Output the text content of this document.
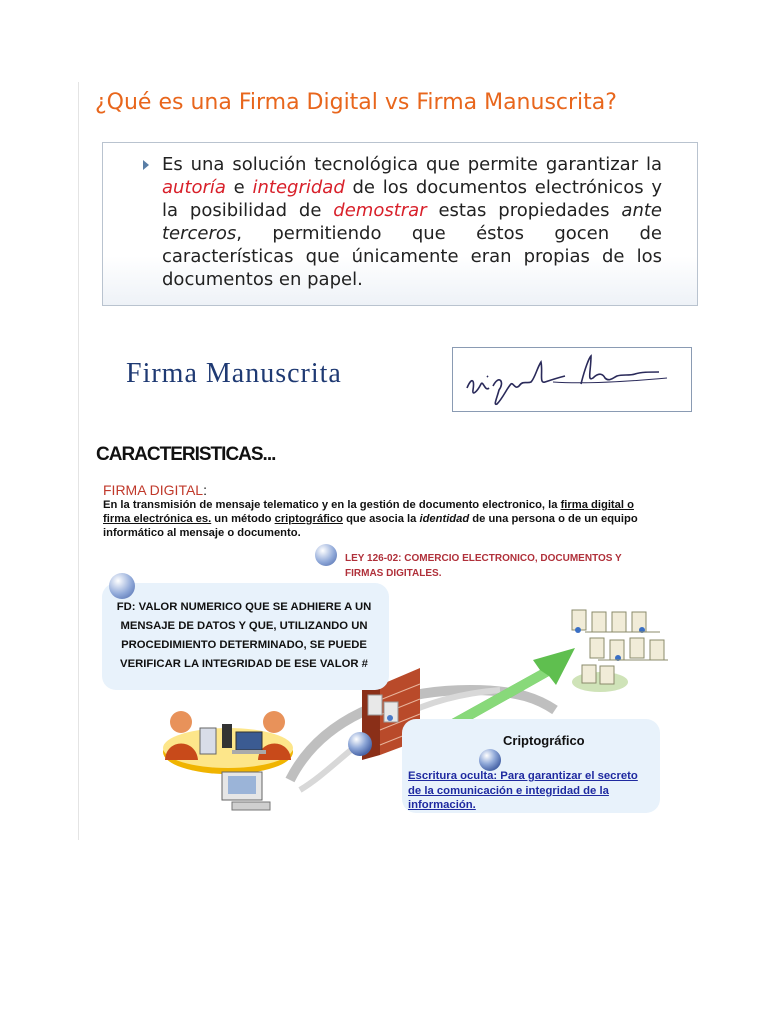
¿Qué es una Firma Digital vs Firma Manuscrita?
Es una solución tecnológica que permite garantizar la autoría e integridad de los documentos electrónicos y la posibilidad de demostrar estas propiedades ante terceros, permitiendo que éstos gocen de características que únicamente eran propias de los documentos en papel.
Firma Manuscrita
CARACTERISTICAS...
FIRMA DIGITAL:
En la transmisión de mensaje telematico y en la gestión de documento electronico, la firma digital o firma electrónica es. un método criptográfico que asocia la identidad de una persona o de un equipo informático al mensaje o documento.
LEY 126-02: COMERCIO ELECTRONICO, DOCUMENTOS Y FIRMAS DIGITALES.
FD: VALOR NUMERICO QUE SE ADHIERE A UN MENSAJE DE DATOS Y QUE, UTILIZANDO UN PROCEDIMIENTO DETERMINADO, SE PUEDE VERIFICAR LA INTEGRIDAD DE ESE VALOR #
Criptográfico
Escritura oculta: Para garantizar el secreto de la comunicación e integridad de la información.
